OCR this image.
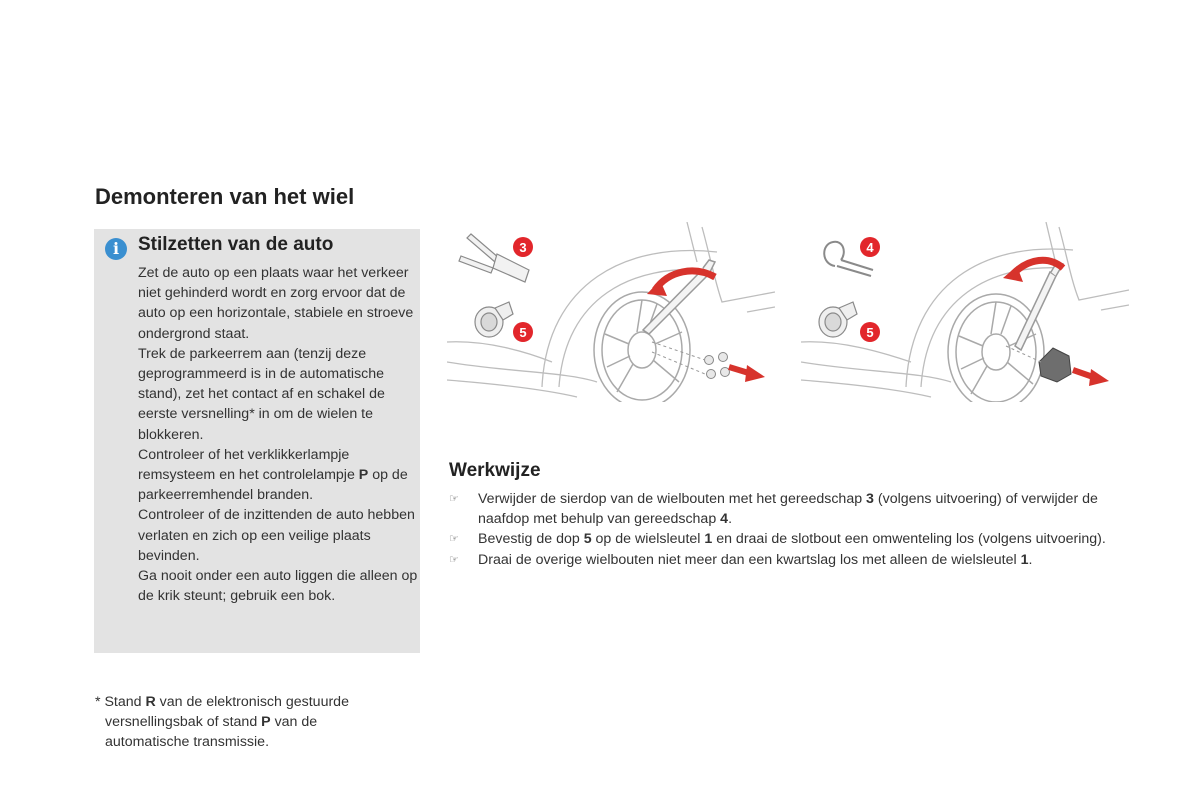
Demonteren van het wiel
i Stilzetten van de auto

Zet de auto op een plaats waar het verkeer niet gehinderd wordt en zorg ervoor dat de auto op een horizontale, stabiele en stroeve ondergrond staat.

Trek de parkeerrem aan (tenzij deze geprogrammeerd is in de automatische stand), zet het contact af en schakel de eerste versnelling* in om de wielen te blokkeren.

Controleer of het verklikkerlampje remsysteem en het controlelampje P op de parkeerremhendel branden.

Controleer of de inzittenden de auto hebben verlaten en zich op een veilige plaats bevinden.

Ga nooit onder een auto liggen die alleen op de krik steunt; gebruik een bok.

* Stand R van de elektronisch gestuurde
versnellingsbak of stand P van de
automatische transmissie.
3
5
4
5
Werkwijze
☞ Verwijder de sierdop van de wielbouten met het gereedschap 3 (volgens uitvoering) of verwijder de naafdop met behulp van gereedschap 4.
☞ Bevestig de dop 5 op de wielsleutel 1 en draai de slotbout een omwenteling los (volgens uitvoering).
☞ Draai de overige wielbouten niet meer dan een kwartslag los met alleen de wielsleutel 1.
